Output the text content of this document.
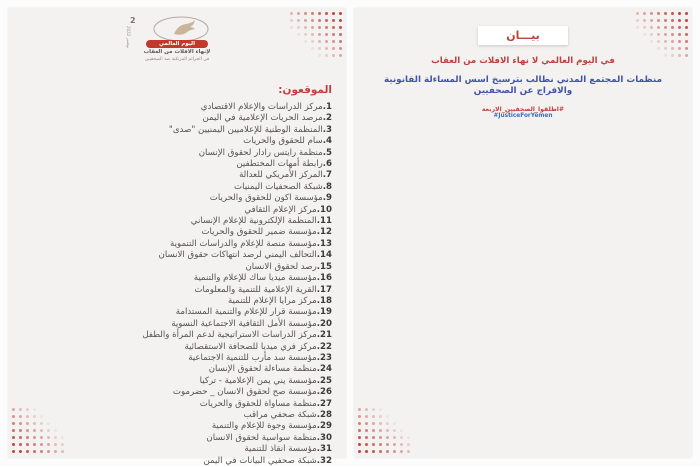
2
نوفمبر 2022	اليوم العالمي
لإنهاء الافلات من العقاب
في الجرائم المرتكبة ضد الصحفيين
الموقعون:
1.مركز الدراسات والإعلام الاقتصادي
2.مرصد الحريات الإعلامية في اليمن
3.المنظمة الوطنية للإعلاميين اليمنيين "صدى"
4.سام للحقوق والحريات
5.منظمة رايتس رادار لحقوق الإنسان
6.رابطة أمهات المختطفين
7.المركز الأمريكي للعدالة
8.شبكة الصحفيات اليمنيات
9.مؤسسة اكون للحقوق والحريات
10.مركز الإعلام الثقافي
11.المنظمة الإلكترونية للإعلام الإنساني
12.مؤسسة ضمير للحقوق والحريات
13.مؤسسة منصة للإعلام والدراسات التنموية
14.التحالف اليمني لرصد انتهاكات حقوق الانسان
15.رصد لحقوق الانسان
16.مؤسسة ميديا ساك للإعلام والتنمية
17.القرية الإعلامية للتنمية والمعلومات
18.مركز مرايا الإعلام للتنمية
19.مؤسسة قرار للإعلام والتنمية المستدامة
20.مؤسسة الأمل الثقافية الاجتماعية النسوية
21.مركز الدراسات الاستراتيجية لدعم المرأة والطفل
22.مركز فري ميديا للصحافة الاستقصائية
23.مؤسسة سد مأرب للتنمية الاجتماعية
24.منظمة مساءلة لحقوق الإنسان
25.مؤسسة يني يمن الإعلامية - تركيا
26.مؤسسة صح لحقوق الانسان _ حضرموت
27.منظمة مساواة للحقوق والحريات
28.شبكة صحفي مراقب
29.مؤسسة وجوة للإعلام والتنمية
30.منظمة سواسية لحقوق الانسان
31.مؤسسة انقاذ للتنمية
32.شبكة صحفيي البيانات في اليمن
بيـــان
في اليوم العالمي لا نهاء الافلات من العقاب
منظمات المجتمع المدني نطالب بترسيخ اسس المساءلة القانونية والافراج عن الصحفيين

#اطلقوا_الصحفيين_الاربعة
#JusticeForYemen
